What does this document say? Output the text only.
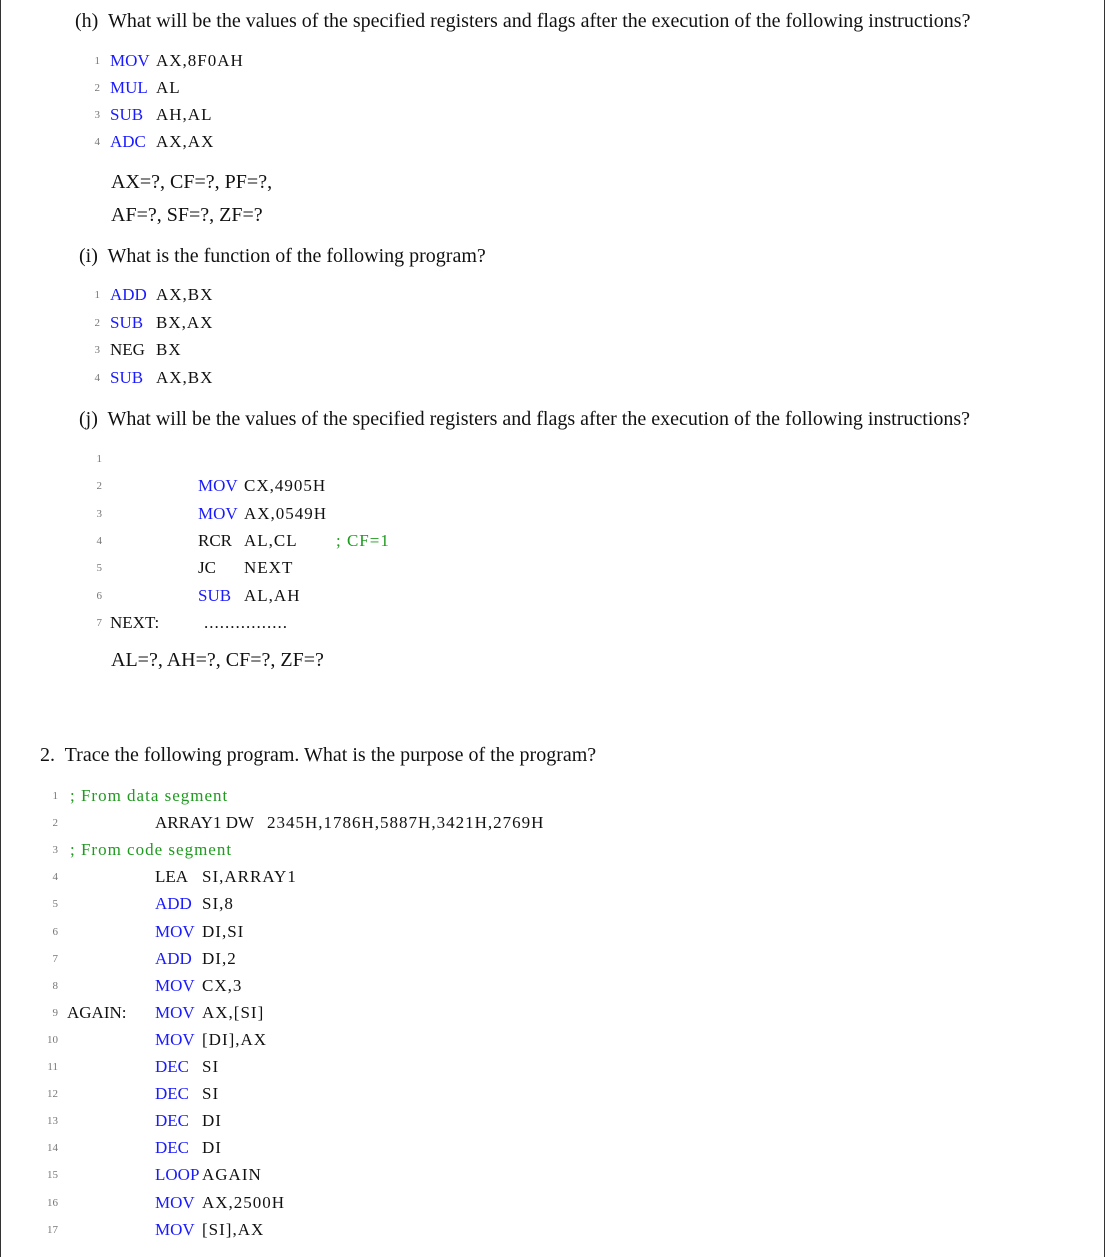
(h) What will be the values of the specified registers and flags after the execution of the following instructions?
1 MOV AX,8F0AH
2 MUL AL
3 SUB AH,AL
4 ADC AX,AX
AX=?, CF=?, PF=?,
AF=?, SF=?, ZF=?
(i) What is the function of the following program?
1 ADD AX,BX
2 SUB BX,AX
3 NEG BX
4 SUB AX,BX
(j) What will be the values of the specified registers and flags after the execution of the following instructions?
1
2	MOV CX,4905H
3	MOV AX,0549H
4	RCR AL,CL ; CF=1
5	JC NEXT
6	SUB AL,AH
7 NEXT:	................
AL=?, AH=?, CF=?, ZF=?
2. Trace the following program. What is the purpose of the program?
1 ; From data segment
2	ARRAY1 DW 2345H,1786H,5887H,3421H,2769H
3 ; From code segment
4	LEA SI,ARRAY1
5	ADD SI,8
6	MOV DI,SI
7	ADD DI,2
8	MOV CX,3
9 AGAIN: MOV AX,[SI]
10	MOV [DI],AX
11	DEC SI
12	DEC SI
13	DEC DI
14	DEC DI
15	LOOP AGAIN
16	MOV AX,2500H
17	MOV [SI],AX
